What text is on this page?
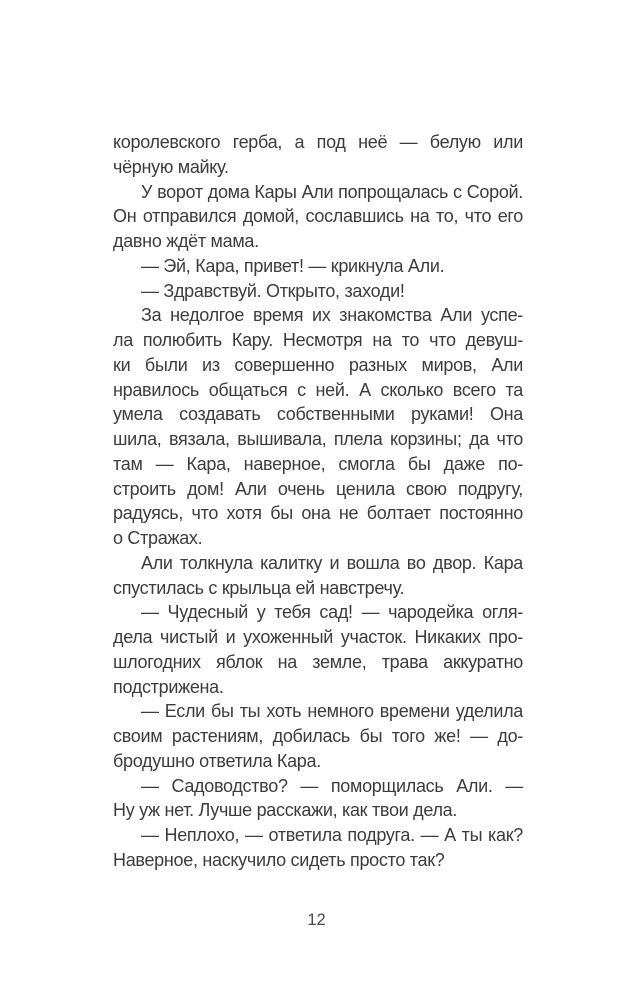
королевского герба, а под неё — белую или
чёрную майку.
У ворот дома Кары Али попрощалась с Сорой.
Он отправился домой, сославшись на то, что его
давно ждёт мама.
— Эй, Кара, привет! — крикнула Али.
— Здравствуй. Открыто, заходи!
За недолгое время их знакомства Али успе-
ла полюбить Кару. Несмотря на то что девуш-
ки были из совершенно разных миров, Али
нравилось общаться с ней. А сколько всего та
умела создавать собственными руками! Она
шила, вязала, вышивала, плела корзины; да что
там — Кара, наверное, смогла бы даже по-
строить дом! Али очень ценила свою подругу,
радуясь, что хотя бы она не болтает постоянно
о Стражах.
Али толкнула калитку и вошла во двор. Кара
спустилась с крыльца ей навстречу.
— Чудесный у тебя сад! — чародейка огля-
дела чистый и ухоженный участок. Никаких про-
шлогодних яблок на земле, трава аккуратно
подстрижена.
— Если бы ты хоть немного времени уделила
своим растениям, добилась бы того же! — до-
бродушно ответила Кара.
— Садоводство? — поморщилась Али. —
Ну уж нет. Лучше расскажи, как твои дела.
— Неплохо, — ответила подруга. — А ты как?
Наверное, наскучило сидеть просто так?
12
